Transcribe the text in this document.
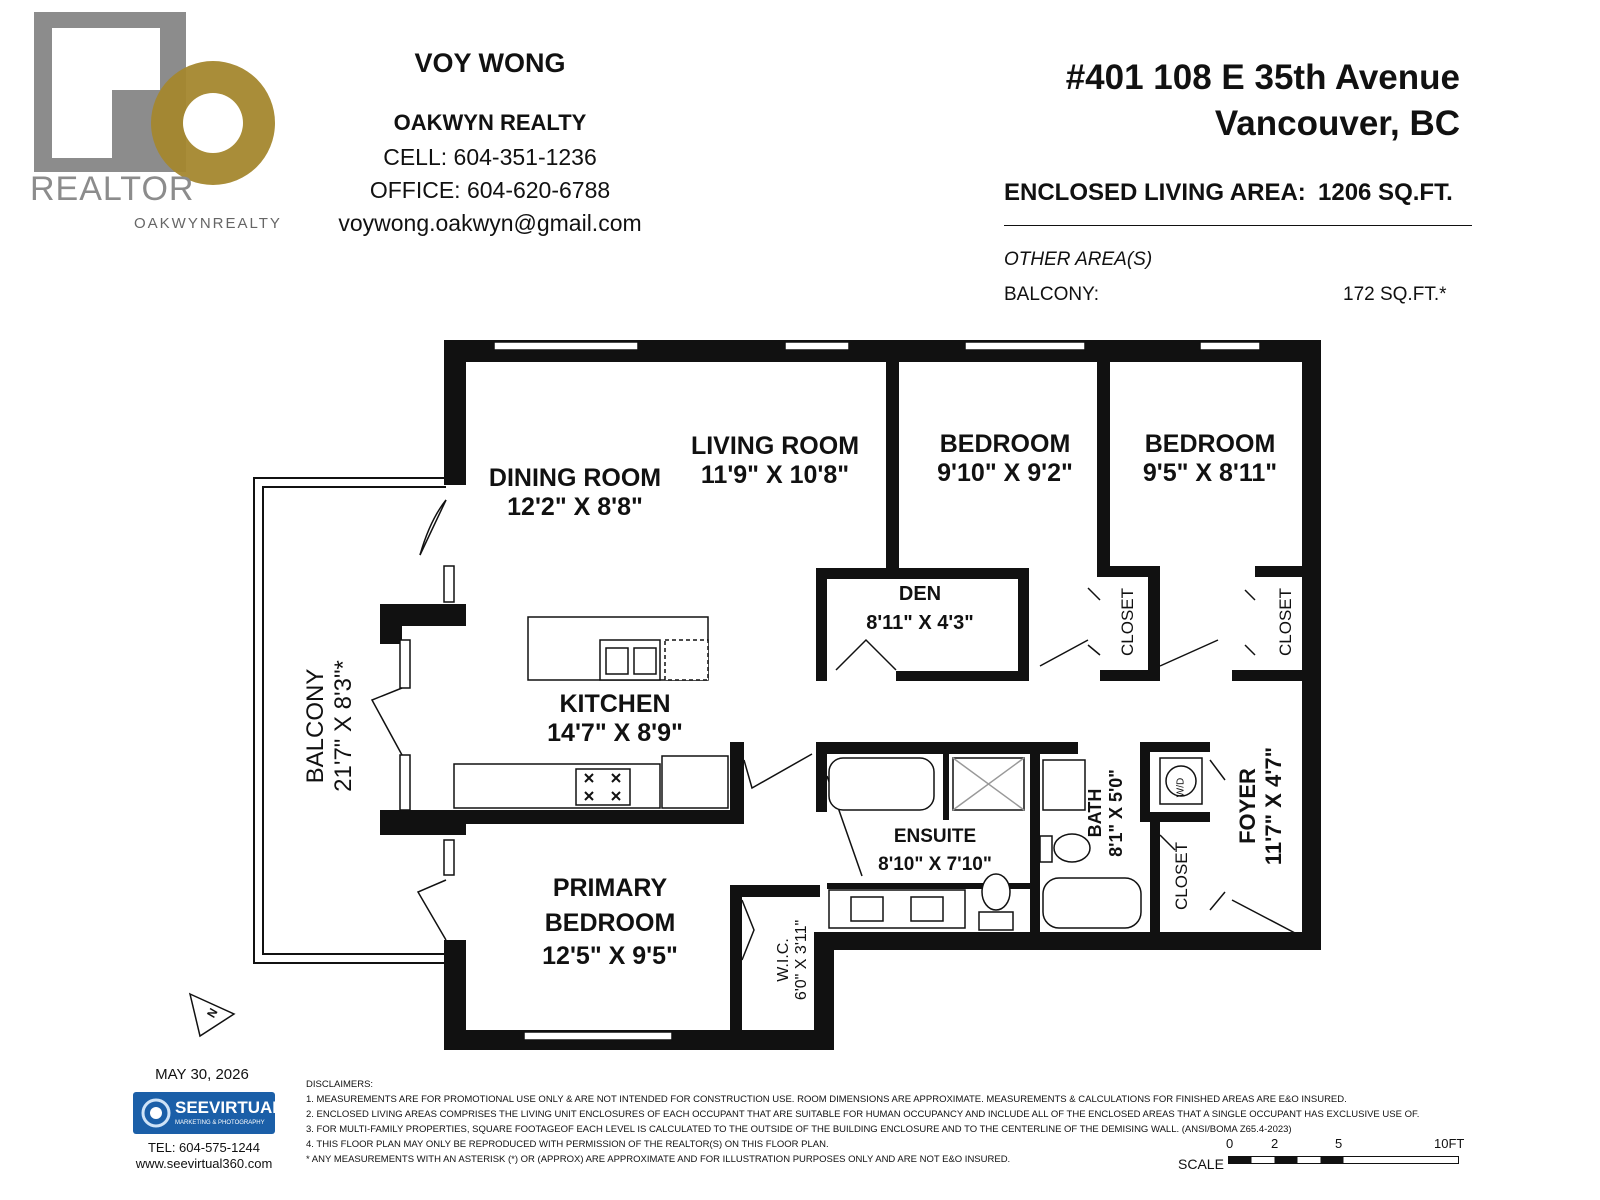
REALTOR
OAKWYNREALTY
VOY WONG
OAKWYN REALTY
CELL: 604-351-1236
OFFICE: 604-620-6788
voywong.oakwyn@gmail.com
#401 108 E 35th Avenue
Vancouver, BC
ENCLOSED LIVING AREA: 1206 SQ.FT.
OTHER AREA(S)
BALCONY:	172 SQ.FT.*
LIVING ROOM
11'9" X 10'8"
DINING ROOM
12'2" X 8'8"
BEDROOM
9'10" X 9'2"
BEDROOM
9'5" X 8'11"
DEN
8'11" X 4'3"
KITCHEN
14'7" X 8'9"
PRIMARY
BEDROOM
12'5" X 9'5"
ENSUITE
8'10" X 7'10"
BALCONY 21'7" X 8'3"*
BATH 8'1" X 5'0"	FOYER 11'7" X 4'7"
W.I.C. 6'0" X 3'11"
CLOSET	CLOSET
CLOSET
W/D
N
MAY 30, 2026
SEEVIRTUAL
MARKETING & PHOTOGRAPHY
TEL: 604-575-1244
www.seevirtual360.com

DISCLAIMERS:

1. MEASUREMENTS ARE FOR PROMOTIONAL USE ONLY & ARE NOT INTENDED FOR CONSTRUCTION USE. ROOM DIMENSIONS ARE APPROXIMATE. MEASUREMENTS & CALCULATIONS FOR FINISHED AREAS ARE E&O INSURED.

2. ENCLOSED LIVING AREAS COMPRISES THE LIVING UNIT ENCLOSURES OF EACH OCCUPANT THAT ARE SUITABLE FOR HUMAN OCCUPANCY AND INCLUDE ALL OF THE ENCLOSED AREAS THAT A SINGLE OCCUPANT HAS EXCLUSIVE USE OF.

3. FOR MULTI-FAMILY PROPERTIES, SQUARE FOOTAGEOF EACH LEVEL IS CALCULATED TO THE OUTSIDE OF THE BUILDING ENCLOSURE AND TO THE CENTERLINE OF THE DEMISING WALL. (ANSI/BOMA Z65.4-2023)

4. THIS FLOOR PLAN MAY ONLY BE REPRODUCED WITH PERMISSION OF THE REALTOR(S) ON THIS FLOOR PLAN.

* ANY MEASUREMENTS WITH AN ASTERISK (*) OR (APPROX) ARE APPROXIMATE AND FOR ILLUSTRATION PURPOSES ONLY AND ARE NOT E&O INSURED.

0	2	5	10FT
SCALE
